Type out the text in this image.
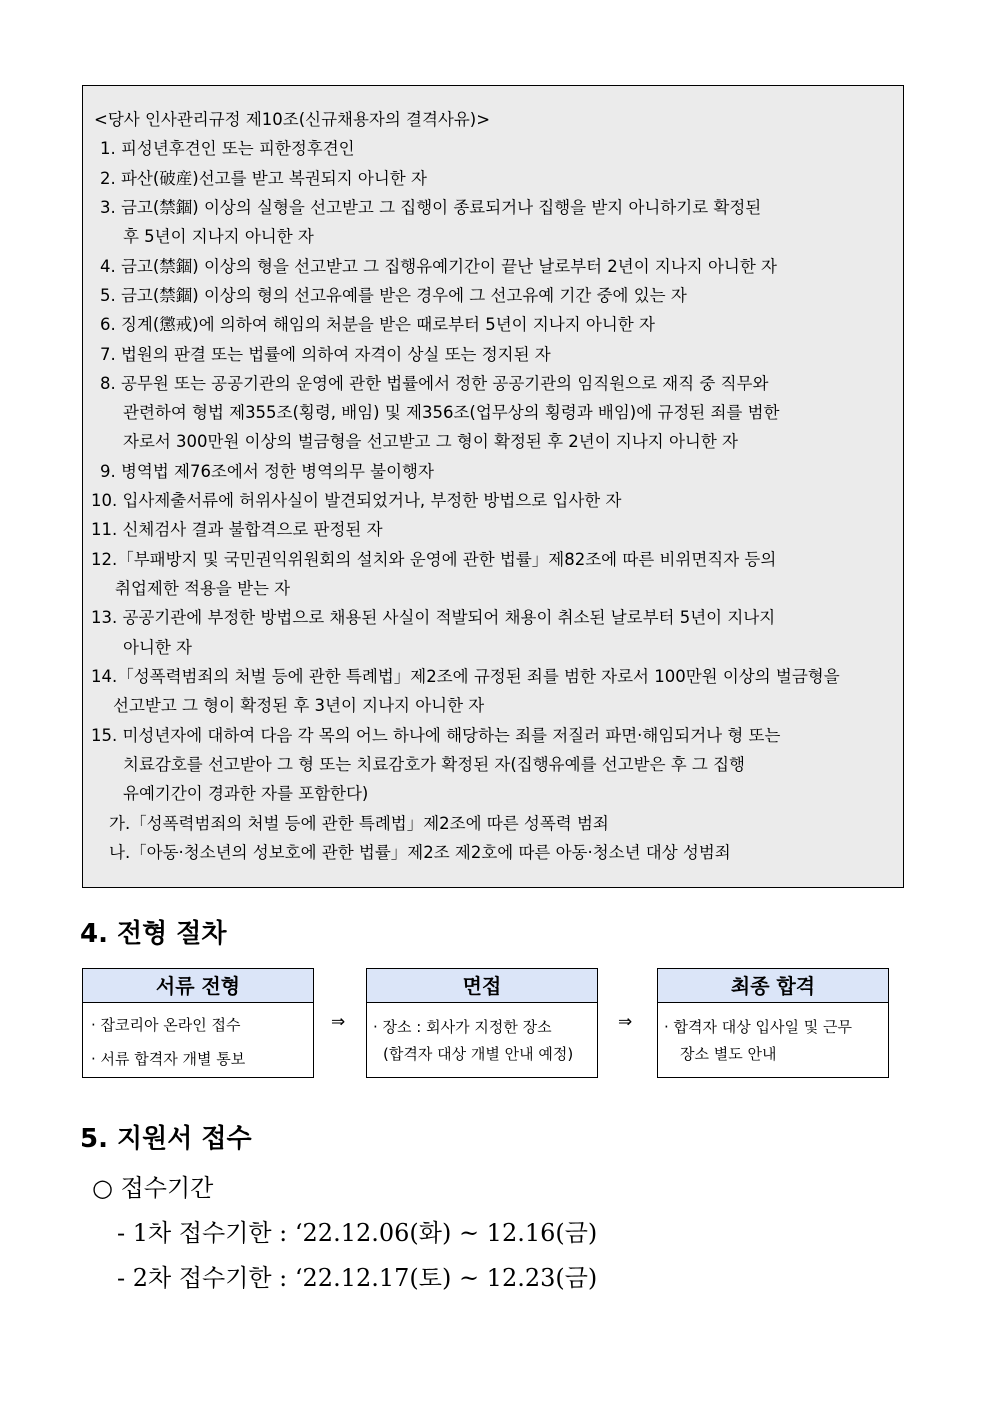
<당사 인사관리규정 제10조(신규채용자의 결격사유)>
1. 피성년후견인 또는 피한정후견인
2. 파산(破産)선고를 받고 복권되지 아니한 자
3. 금고(禁錮) 이상의 실형을 선고받고 그 집행이 종료되거나 집행을 받지 아니하기로 확정된
후 5년이 지나지 아니한 자
4. 금고(禁錮) 이상의 형을 선고받고 그 집행유예기간이 끝난 날로부터 2년이 지나지 아니한 자
5. 금고(禁錮) 이상의 형의 선고유예를 받은 경우에 그 선고유예 기간 중에 있는 자
6. 징계(懲戒)에 의하여 해임의 처분을 받은 때로부터 5년이 지나지 아니한 자
7. 법원의 판결 또는 법률에 의하여 자격이 상실 또는 정지된 자
8. 공무원 또는 공공기관의 운영에 관한 법률에서 정한 공공기관의 임직원으로 재직 중 직무와
관련하여 형법 제355조(횡령, 배임) 및 제356조(업무상의 횡령과 배임)에 규정된 죄를 범한
자로서 300만원 이상의 벌금형을 선고받고 그 형이 확정된 후 2년이 지나지 아니한 자
9. 병역법 제76조에서 정한 병역의무 불이행자
10. 입사제출서류에 허위사실이 발견되었거나, 부정한 방법으로 입사한 자
11. 신체검사 결과 불합격으로 판정된 자
12.「부패방지 및 국민권익위원회의 설치와 운영에 관한 법률」제82조에 따른 비위면직자 등의
취업제한 적용을 받는 자
13. 공공기관에 부정한 방법으로 채용된 사실이 적발되어 채용이 취소된 날로부터 5년이 지나지
아니한 자
14.「성폭력범죄의 처벌 등에 관한 특례법」제2조에 규정된 죄를 범한 자로서 100만원 이상의 벌금형을
선고받고 그 형이 확정된 후 3년이 지나지 아니한 자
15. 미성년자에 대하여 다음 각 목의 어느 하나에 해당하는 죄를 저질러 파면·해임되거나 형 또는
치료감호를 선고받아 그 형 또는 치료감호가 확정된 자(집행유예를 선고받은 후 그 집행
유예기간이 경과한 자를 포함한다)
가.「성폭력범죄의 처벌 등에 관한 특례법」제2조에 따른 성폭력 범죄
나.「아동·청소년의 성보호에 관한 법률」제2조 제2호에 따른 아동·청소년 대상 성범죄
4. 전형 절차
서류 전형
· 잡코리아 온라인 접수
· 서류 합격자 개별 통보
⇒
면접
· 장소 : 회사가 지정한 장소
(합격자 대상 개별 안내 예정)
⇒
최종 합격
· 합격자 대상 입사일 및 근무
장소 별도 안내
5. 지원서 접수
○ 접수기간
- 1차 접수기한 : ‘22.12.06(화) ~ 12.16(금)
- 2차 접수기한 : ‘22.12.17(토) ~ 12.23(금)
